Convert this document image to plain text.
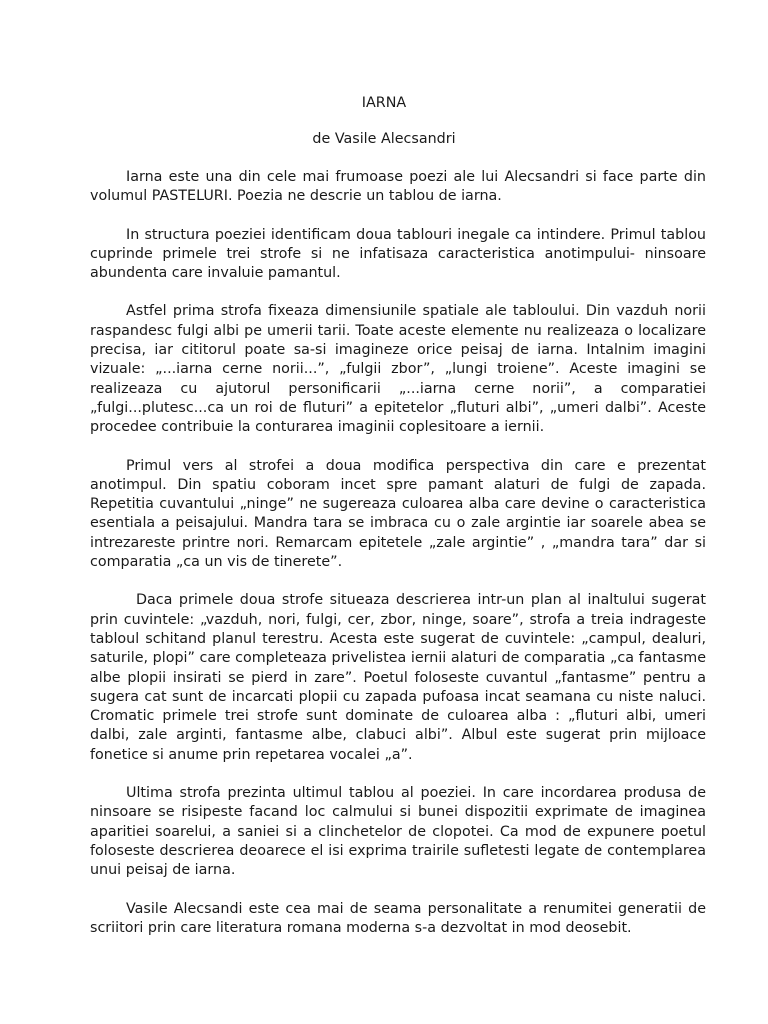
IARNA
de Vasile Alecsandri

Iarna este una din cele mai frumoase poezi ale lui Alecsandri si face parte din volumul PASTELURI. Poezia ne descrie un tablou de iarna.

In structura poeziei identificam doua tablouri inegale ca intindere. Primul tablou cuprinde primele trei strofe si ne infatisaza caracteristica anotimpului- ninsoare abundenta care invaluie pamantul.

Astfel prima strofa fixeaza dimensiunile spatiale ale tabloului. Din vazduh norii raspandesc fulgi albi pe umerii tarii. Toate aceste elemente nu realizeaza o localizare precisa, iar cititorul poate sa-si imagineze orice peisaj de iarna. Intalnim imagini vizuale: „...iarna cerne norii...”, „fulgii zbor”, „lungi troiene”. Aceste imagini se realizeaza cu ajutorul personificarii „...iarna cerne norii”, a comparatiei „fulgi...plutesc...ca un roi de fluturi” a epitetelor „fluturi albi”, „umeri dalbi”. Aceste procedee contribuie la conturarea imaginii coplesitoare a iernii.

Primul vers al strofei a doua modifica perspectiva din care e prezentat anotimpul. Din spatiu coboram incet spre pamant alaturi de fulgi de zapada. Repetitia cuvantului „ninge” ne sugereaza culoarea alba care devine o caracteristica esentiala a peisajului. Mandra tara se imbraca cu o zale argintie iar soarele abea se intrezareste printre nori. Remarcam epitetele „zale argintie” , „mandra tara” dar si comparatia „ca un vis de tinerete”.

Daca primele doua strofe situeaza descrierea intr-un plan al inaltului sugerat prin cuvintele: „vazduh, nori, fulgi, cer, zbor, ninge, soare”, strofa a treia indrageste tabloul schitand planul terestru. Acesta este sugerat de cuvintele: „campul, dealuri, saturile, plopi” care completeaza privelistea iernii alaturi de comparatia „ca fantasme albe plopii insirati se pierd in zare”. Poetul foloseste cuvantul „fantasme” pentru a sugera cat sunt de incarcati plopii cu zapada pufoasa incat seamana cu niste naluci. Cromatic primele trei strofe sunt dominate de culoarea alba : „fluturi albi, umeri dalbi, zale arginti, fantasme albe, clabuci albi”. Albul este sugerat prin mijloace fonetice si anume prin repetarea vocalei „a”.

Ultima strofa prezinta ultimul tablou al poeziei. In care incordarea produsa de ninsoare se risipeste facand loc calmului si bunei dispozitii exprimate de imaginea aparitiei soarelui, a saniei si a clinchetelor de clopotei. Ca mod de expunere poetul foloseste descrierea deoarece el isi exprima trairile sufletesti legate de contemplarea unui peisaj de iarna.

Vasile Alecsandi este cea mai de seama personalitate a renumitei generatii de scriitori prin care literatura romana moderna s-a dezvoltat in mod deosebit.
